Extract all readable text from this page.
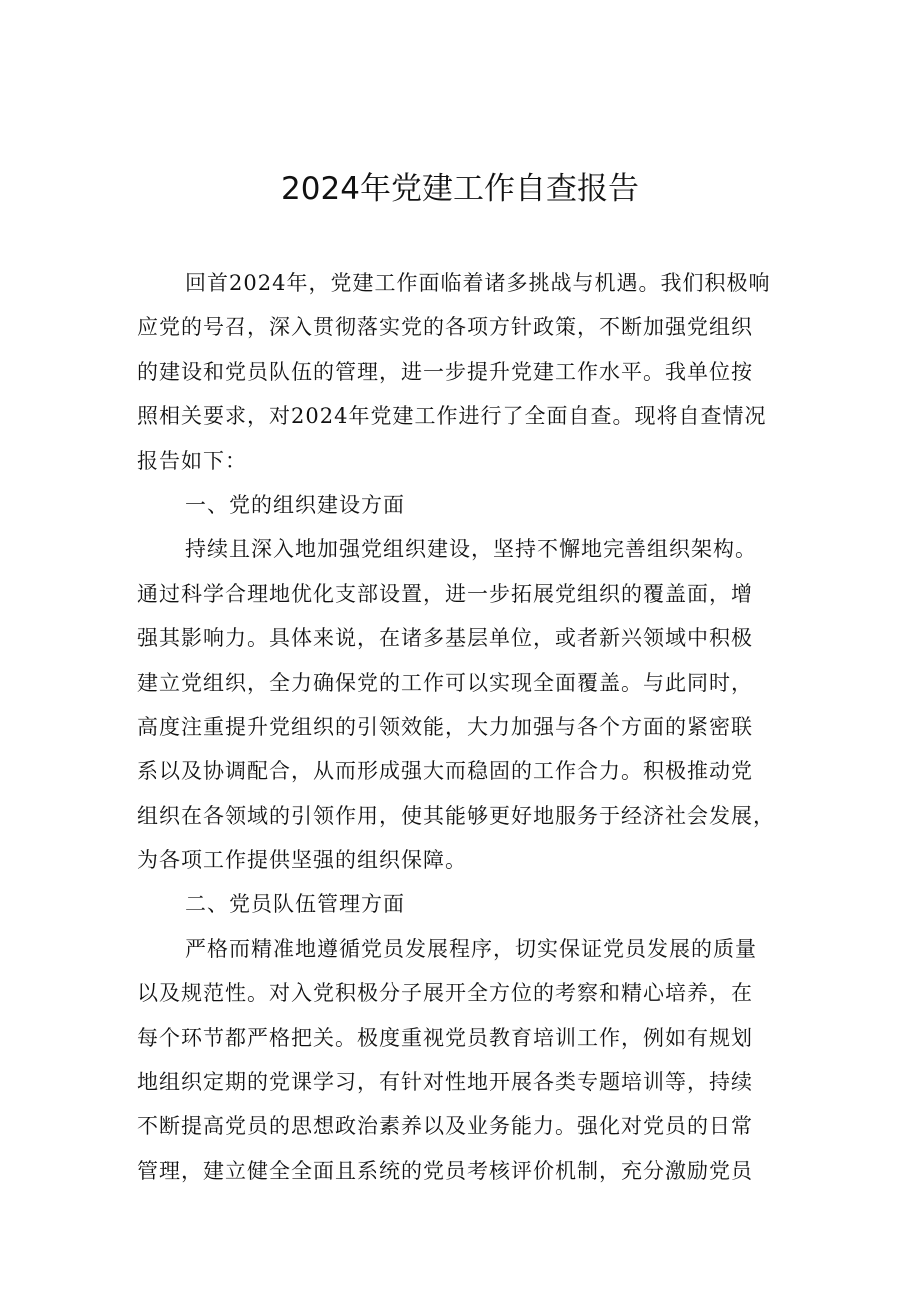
2024年党建工作自查报告
回首2024年，党建工作面临着诸多挑战与机遇。我们积极响
应党的号召，深入贯彻落实党的各项方针政策，不断加强党组织
的建设和党员队伍的管理，进一步提升党建工作水平。我单位按
照相关要求，对2024年党建工作进行了全面自查。现将自查情况
报告如下：
一、党的组织建设方面
持续且深入地加强党组织建设，坚持不懈地完善组织架构。
通过科学合理地优化支部设置，进一步拓展党组织的覆盖面，增
强其影响力。具体来说，在诸多基层单位，或者新兴领域中积极
建立党组织，全力确保党的工作可以实现全面覆盖。与此同时，
高度注重提升党组织的引领效能，大力加强与各个方面的紧密联
系以及协调配合，从而形成强大而稳固的工作合力。积极推动党
组织在各领域的引领作用，使其能够更好地服务于经济社会发展，
为各项工作提供坚强的组织保障。
二、党员队伍管理方面
严格而精准地遵循党员发展程序，切实保证党员发展的质量
以及规范性。对入党积极分子展开全方位的考察和精心培养，在
每个环节都严格把关。极度重视党员教育培训工作，例如有规划
地组织定期的党课学习，有针对性地开展各类专题培训等，持续
不断提高党员的思想政治素养以及业务能力。强化对党员的日常
管理，建立健全全面且系统的党员考核评价机制，充分激励党员
